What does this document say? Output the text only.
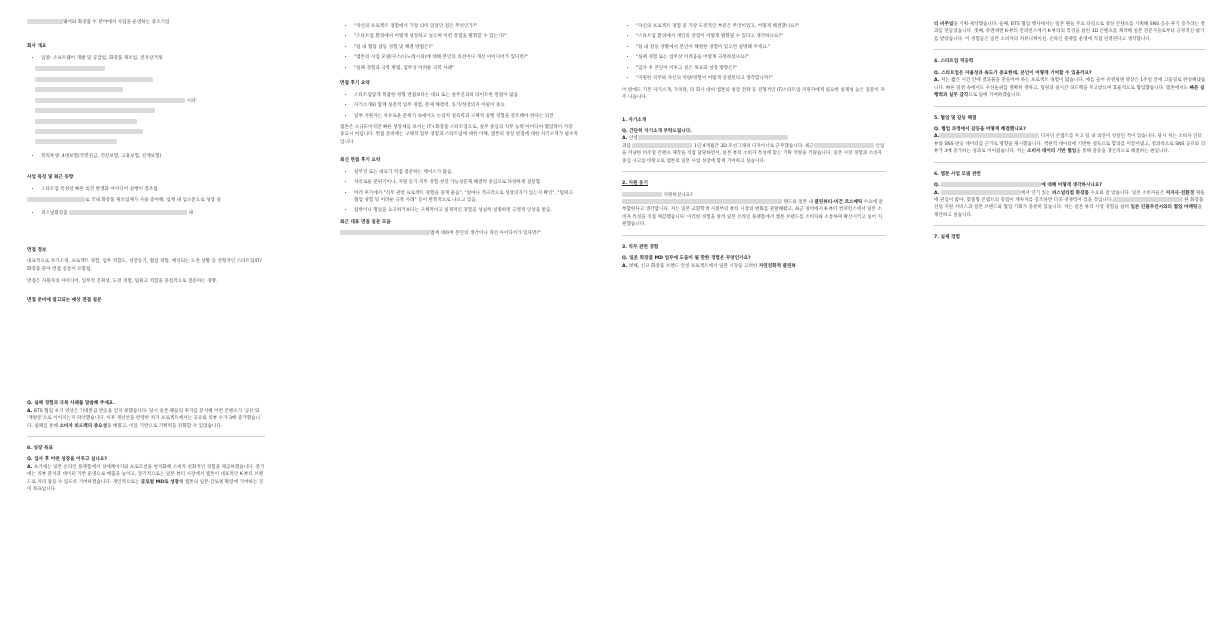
웨어와 화장품 두 분야에서 사업을 운영하는 중소기업
회사 개요
• 업종: 소프트웨어 개발 및 공급업, 화장품 제조업, 전자상거래
시피'
• 복리후생: 4대보험(국민연금, 건강보험, 고용보험, 산재보험)
사업 특징 및 최근 동향
• 스타트업 특성상 빠른 의견 반영과 아이디어 실행이 강조됨
로 국내 화장품 제조업체가 사용 증어해, 업계 내 입소문으로 성장 중
• 퍼스널화장품	세
면접 정보
대표적으로 자기소개, 프로젝트 경험, 업무 적합도, 성장동기, 협업 경험, 예상되는 도전 상황 등 전형적인 스타트업/IT/화장품 분야 면접 질문이 포함됨.
면접은 지원자의 아이디어, 업무적 진취성, 도전 경험, 팀워크 역할을 중점적으로 질문하는 경향.
면접 준비에 참고되는 예상 면접 질문
Q. 실패 경험과 극복 사례를 말씀해 주세요.
A. BTS 협업 초기 영상은 기대만큼 반응을 얻지 못했습니다. 당시 일본 팬들의 후기를 분석해 어떤 콘텐츠가 '공유'와 '재방문'으로 이어지는지 파악했습니다. 이후 개선안을 반영한 차기 프로젝트에서는 공유와 리뷰 수가 3배 증가했습니다. 실패를 통해 소비자 피드백의 중요성을 배웠고, 이를 기반으로 기획력을 강화할 수 있었습니다.
8. 성장 목표
Q. 입사 후 어떤 성장을 이루고 싶나요?
A. 초기에는 일본 온라인 플랫폼에서 상세페이지와 프로모션을 현지화해 소비자 친화적인 경험을 제공하겠습니다. 중기에는 리뷰 분석과 데이터 기반 운영으로 매출을 높이고, 장기적으로는 일본 뷰티 시장에서 엠톤이 대표적인 K-뷰티 브랜드로 자리 잡을 수 있도록 기여하겠습니다. 개인적으로는 글로벌 MD로 성장해 엠톤의 일본·글로벌 확장에 기여하는 것이 목표입니다.
• "자신의 프로젝트 경험에서 가장 의미 있었던 점은 무엇인가?"
• "스타트업 환경에서 어떻게 성장하고 싶으며 어떤 강점을 발휘할 수 있는가?"
• "팀 내 협업 갈등 경험 및 해결 방법은?"
• "엠톤의 사업 모델(쿠스/나노레시피)에 대해 본인의 의견이나 개선 아이디어가 있다면?"
• "실패 경험과 극복 방법, 업무상 어려운 극복 사례"
면접 후기 요약
• 스타트업답게 복잡한 정형 면접보다는 대표 또는 실무진과의 타이트한 면접이 많음
• 자기소개와 함께 실전적 업무 경험, 문제 해결력, 동기/성장의지 어필이 중요
• 일부 지원자는 자유로운 분위기 속에서도 논리적 설득력과 구체적 실행 경험을 강조해야 한다는 의견
엠톤은 소규모이지만 빠른 성장세를 보이는 IT+화장품 스타트업으로, 실무 중심의 직무 능력·아이디어·협업력이 가장 중요시 여깁니다. 면접 준비에는 구체적 업무 경험과 스타트업에 대한 이해, 엠톤의 성장 관점에 대한 자기소개가 필수적입니다.
최신 면접 후기 요약
• 실무진 또는 대표가 직접 질문하는 케이스가 많음.
• 자유로운 분위기이나, 지원 동기·직무 경험·성장 가능성문제 해결력 중심으로 다양하게 질문함.
• 여러 후기에서 "직무 관련 프로젝트 경험을 깊게 물음", "얼마나 적극적으로 성장의지가 있는지 확인", "팀워크·협업 경험 및 어려운 극복 사례" 등이 반복적으로 나오고 있음.
• 압박이나 형업을 요구하기보다는 구체적이고 실제적인 경험을 성실히 설명하면 긍정적 인상을 받음.
최근 대표 면접 질문 모음
엠에 대하여 본인의 생각이나 개선 아이디어가 있다면?"
• "자신의 프로젝트 경험 중 가장 도전적인 부분은 무엇이었고, 어떻게 해결했나요?"
• "스타트업 환경에서 개인의 강점이 어떻게 발휘될 수 있다고 생각하나요?"
• "팀 내 갈등 상황에서 본인이 해결한 경험이 있으면 설명해 주세요."
• "실패 경험 또는 업무상 어려움을 어떻게 극복하셨나요?"
• "입사 후 본인이 이루고 싶은 목표와 성장 방향은?"
• "지원한 직무와 자신의 역량/경험이 어떻게 연결된다고 생각합니까?"
이 밖에도 기본 자기소개, 가치관, 타 회사 대비 엠톤의 성장 전략 등 전형적인 IT/스타트업 지원자에게 필요한 실제성 높은 질문이 자주 나옵니다.
1. 자기소개
Q. 간단히 자기소개 부탁드립니다.
A. 안녕
과를	1년 4개월간 3D 모션그래픽 디자이너로 근무했습니다. 최근	산업을 겨냥한 비주얼 콘텐츠 제작을 직접 담당하면서, 일본 뷰티 소비자 특성에 맞는 기획 역량을 키웠습니다. 일본 시장 경험과 소비자 중심 사고를 바탕으로 엠톤의 일본 사업 성장에 함께 기여하고 싶습니다.
2. 지원 동기
지원하셨나요?
랜드와 일본 내 클린뷰티·비건 코스메틱 수요에 잘 부합한다고 생각합니다. 저는 일본 교환학생 시절부터 뷰티 시장의 변화를 관찰해왔고, 최근 경력에서 K-뷰티 컨퍼런스에서 일본 소비자 특성을 직접 체감했습니다. 이러한 경험을 살려 일본 온라인 플랫폼에서 엠톤 브랜드를 소비자와 소통하며 확산시키고 싶어 지원했습니다.
3. 직무 관련 경험
Q. 일본 화장품 MD 업무에 도움이 될 만한 경험은 무엇인가요?
A. 첫째, 신규 화장품 브랜드 런칭 프로젝트에서 일본 시장을 고려한 자연친화적 클린뷰
티 비주얼을 기획·제작했습니다. 둘째, BTS 협업 행사에서는 일본 팬들 주요 타깃으로 영상 콘텐츠를 기획해 SNS 공유·후기 증가라는 결과를 만들었습니다. 셋째, 쥬엔제엔 K-뷰티 컨퍼런스에서 K-뷰티의 특징을 살린 3D 콘텐츠를 제작해 일본 전문가들로부터 긍정적인 평가를 받았습니다. 이 경험들은 일본 소비자의 커뮤니케이션, 온라인 플랫폼 운영에 직접 연결된다고 생각합니다.
4. 스타트업 적응력
Q. 스타트업은 자율성과 속도가 중요한데, 본인이 어떻게 기여할 수 있을까요?
A. 저는 짧은 시간 안에 결과물을 만들어야 하는 프로젝트 경험이 많습니다. 예를 들어 쥬엔제엔 영상은 1주일 안에 고품질로 완성해냈습니다. 빠른 일정 속에서도 우선순위를 명확히 정하고, 팀원과 실시간 피드백을 주고받으며 효율적으로 협업했습니다. 엠톤에서도 빠른 실행력과 실무 감각으로 팀에 기여하겠습니다.
5. 협업 및 갈등 해결
Q. 협업 과정에서 갈등을 어떻게 해결했나요?
A.	디자인 콘셉트를 두고 팀 내 의견이 엇갈린 적이 있습니다. 당시 저는 소비자 인터뷰와 SNS 반응 데이터를 근거로 방향을 제시했습니다. 객관적 데이터에 기반한 설득으로 합의를 이끌어냈고, 결과적으로 SNS 공유와 리뷰가 3배 증가하는 성과로 이어졌습니다. 저는 소비자 데이터 기반 협업을 통해 갈등을 생산적으로 해결하는 편입니다.
6. 엠톤 사업 모델 관련
Q.	에 대해 어떻게 생각하시나요?
A.	에서 인기 있는 퍼스널티컬 화장품 수요와 잘 맞습니다. 일본 소비자들은 저자극·친환경 제품에 관심이 많아, 맞춤형 콘셉트의 강점이 재차지를 강조하면 더욱 경쟁력이 있을 것입니다.	한 화장품 선업 지원 서비스과 일본 브랜드와 협업 기회가 충분히 있습니다. 저는 일본 뷰티 시장 경험을 살려 일본 인플루언서와의 협업 마케팅을 제안하고 싶습니다.
7. 실제 경험
